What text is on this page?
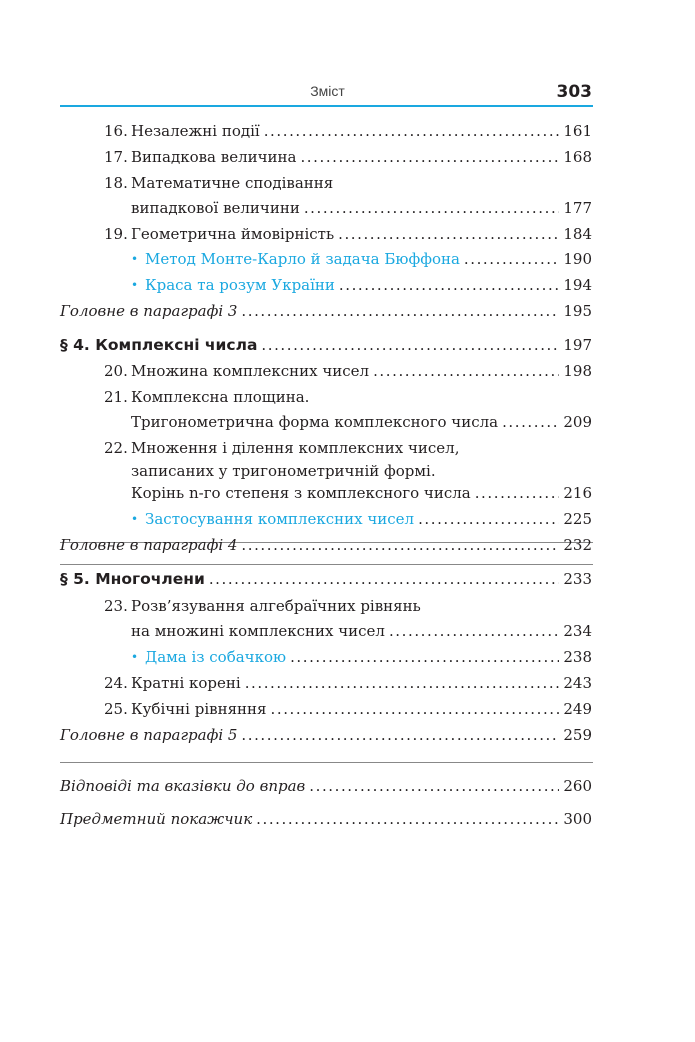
Зміст	303
16. Незалежні події . . .	161
17. Випадкова величина . . .	168
18. Математичне сподівання
випадкової величини . . .	177
19. Геометрична ймовірність . . .	184
• Метод Монте-Карло й задача Бюффона . . .	190
• Краса та розум України . . .	194
Головне в параграфі 3 . . .	195
§ 4. Комплексні числа . . .	197
20. Множина комплексних чисел . . .	198
21. Комплексна площина.
Тригонометрична форма комплексного числа . . .	209
22. Множення і ділення комплексних чисел,
записаних у тригонометричній формі.
Корінь n-го степеня з комплексного числа . . .	216
• Застосування комплексних чисел . . .	225
Головне в параграфі 4 . . .	232
§ 5. Многочлени . . .	233
23. Розв’язування алгебраїчних рівнянь
на множині комплексних чисел . . .	234
• Дама із собачкою . . .	238
24. Кратні корені . . .	243
25. Кубічні рівняння . . .	249
Головне в параграфі 5 . . .	259
Відповіді та вказівки до вправ . . .	260
Предметний покажчик . . .	300
